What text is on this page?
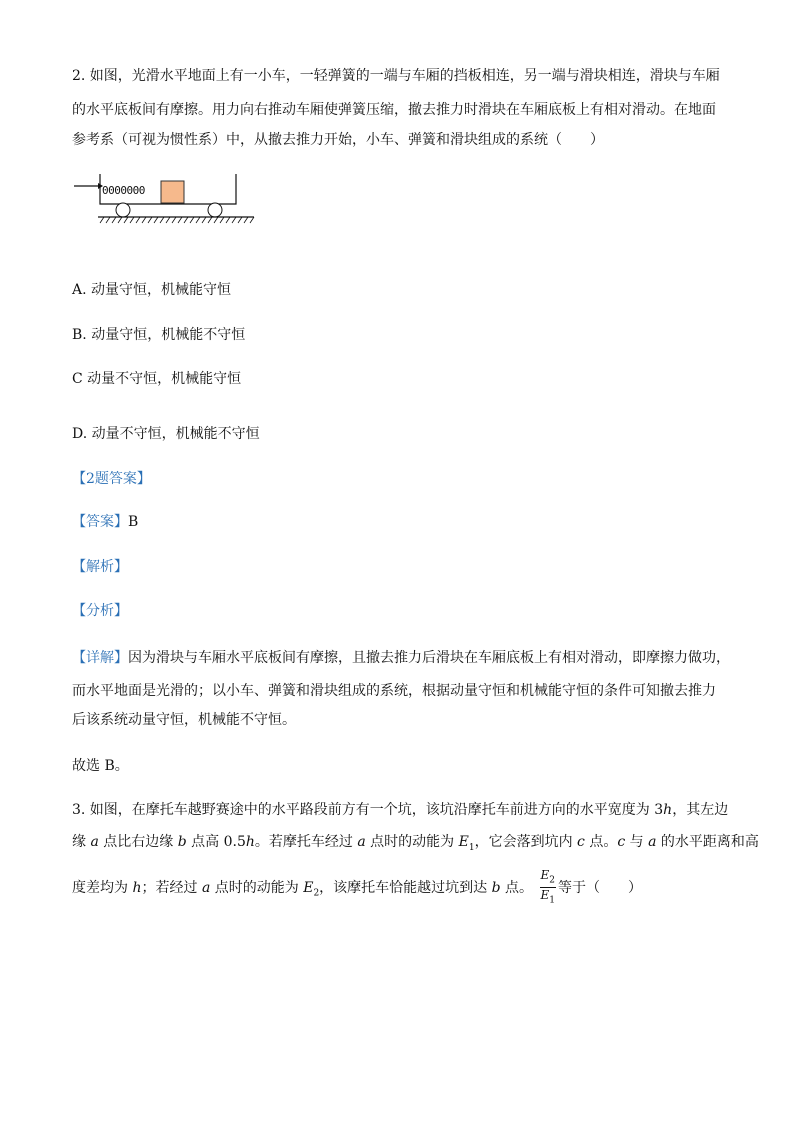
2. 如图，光滑水平地面上有一小车，一轻弹簧的一端与车厢的挡板相连，另一端与滑块相连，滑块与车厢
的水平底板间有摩擦。用力向右推动车厢使弹簧压缩，撤去推力时滑块在车厢底板上有相对滑动。在地面
参考系（可视为惯性系）中，从撤去推力开始，小车、弹簧和滑块组成的系统（　　）
0000000
A. 动量守恒，机械能守恒
B. 动量守恒，机械能不守恒
C 动量不守恒，机械能守恒
D. 动量不守恒，机械能不守恒
【2题答案】
【答案】B
【解析】
【分析】
【详解】因为滑块与车厢水平底板间有摩擦，且撤去推力后滑块在车厢底板上有相对滑动，即摩擦力做功，
而水平地面是光滑的；以小车、弹簧和滑块组成的系统，根据动量守恒和机械能守恒的条件可知撤去推力
后该系统动量守恒，机械能不守恒。
故选 B。
3. 如图，在摩托车越野赛途中的水平路段前方有一个坑，该坑沿摩托车前进方向的水平宽度为 3h，其左边
缘 a 点比右边缘 b 点高 0.5h。若摩托车经过 a 点时的动能为 $E_1$，它会落到坑内 c 点。c 与 a 的水平距离和高
度差均为 h；若经过 a 点时的动能为 $E_2$，该摩托车恰能越过坑到达 b 点。 $\frac{E_2}{E_1}$ 等于（　　）
